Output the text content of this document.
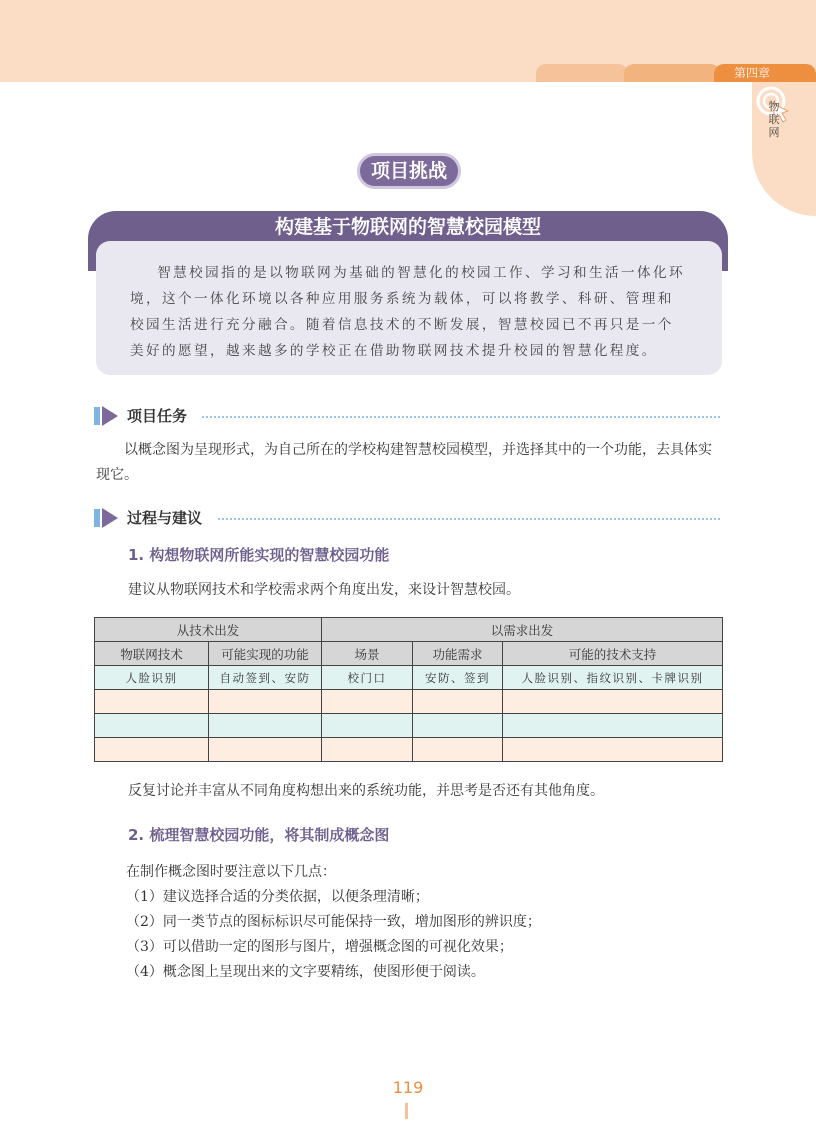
第四章
物
联
网
项目挑战
构建基于物联网的智慧校园模型
智慧校园指的是以物联网为基础的智慧化的校园工作、学习和生活一体化环境，这个一体化环境以各种应用服务系统为载体，可以将教学、科研、管理和校园生活进行充分融合。随着信息技术的不断发展，智慧校园已不再只是一个美好的愿望，越来越多的学校正在借助物联网技术提升校园的智慧化程度。
项目任务
以概念图为呈现形式，为自己所在的学校构建智慧校园模型，并选择其中的一个功能，去具体实现它。
过程与建议
1. 构想物联网所能实现的智慧校园功能
建议从物联网技术和学校需求两个角度出发，来设计智慧校园。
从技术出发		以需求出发		
物联网技术	可能实现的功能	场景	功能需求	可能的技术支持
人脸识别	自动签到、安防	校门口	安防、签到	人脸识别、指纹识别、卡牌识别

反复讨论并丰富从不同角度构想出来的系统功能，并思考是否还有其他角度。
2. 梳理智慧校园功能，将其制成概念图
在制作概念图时要注意以下几点：
（1）建议选择合适的分类依据，以便条理清晰；
（2）同一类节点的图标标识尽可能保持一致，增加图形的辨识度；
（3）可以借助一定的图形与图片，增强概念图的可视化效果；
（4）概念图上呈现出来的文字要精练，使图形便于阅读。
119
